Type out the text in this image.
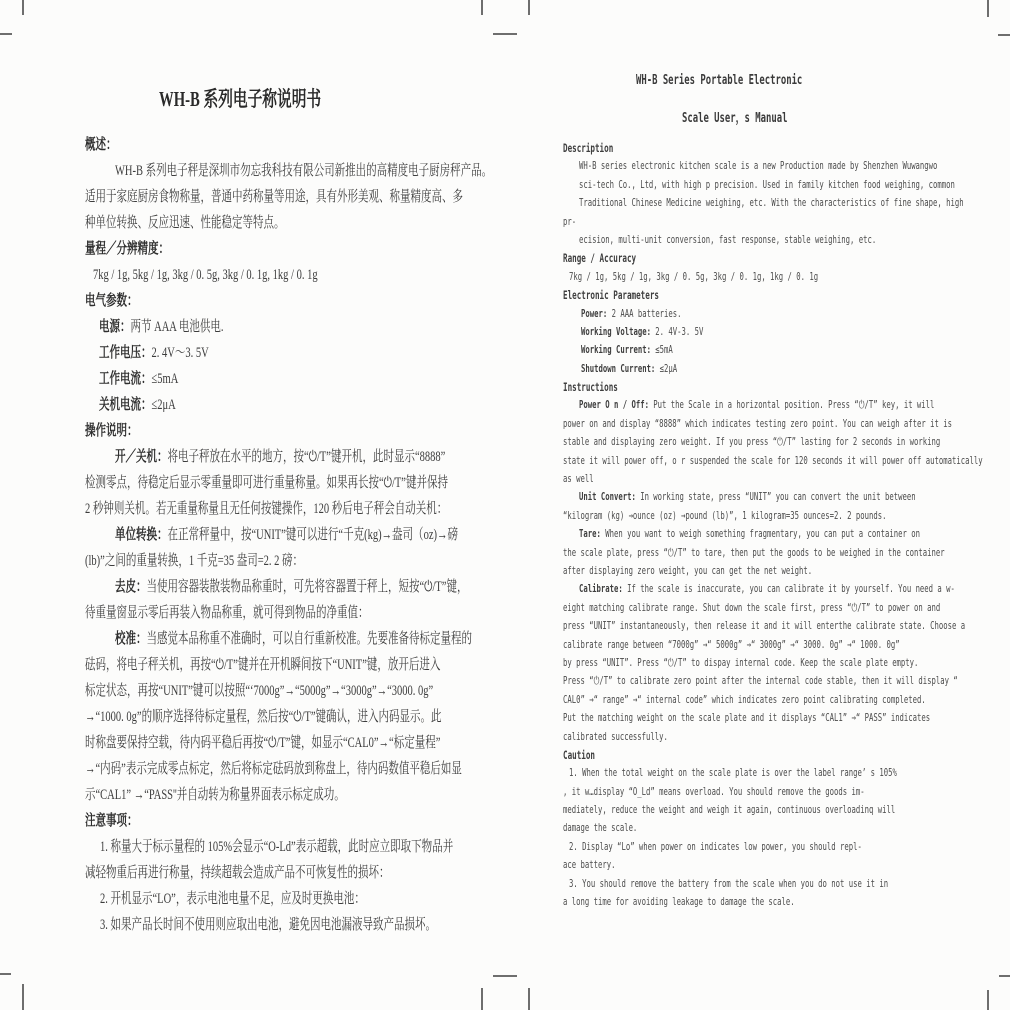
WH-B 系列电子称说明书
概述：
WH-B 系列电子秤是深圳市勿忘我科技有限公司新推出的高精度电子厨房秤产品。
适用于家庭厨房食物称量，普通中药称量等用途，具有外形美观、称量精度高、多
种单位转换、反应迅速、性能稳定等特点。
量程／分辨精度：
7kg / 1g, 5kg / 1g, 3kg / 0. 5g, 3kg / 0. 1g, 1kg / 0. 1g
电气参数：
电源：两节 AAA 电池供电.
工作电压：2. 4V～3. 5V
工作电流：≤5mA
关机电流：≤2μA
操作说明：
开／关机：将电子秤放在水平的地方，按“⏻/T”键开机，此时显示“8888”
检测零点，待稳定后显示零重量即可进行重量称量。如果再长按“⏻/T”键并保持
2 秒钟则关机。若无重量称量且无任何按键操作，120 秒后电子秤会自动关机：
单位转换：在正常秤量中，按“UNIT”键可以进行“千克(kg)→盎司（oz)→磅
(lb)”之间的重量转换，1 千克=35 盎司=2. 2 磅：
去皮：当使用容器装散装物品称重时，可先将容器置于秤上，短按“⏻/T”键，
待重量窗显示零后再装入物品称重，就可得到物品的净重值：
校准：当感觉本品称重不准确时，可以自行重新校准。先要准备待标定量程的
砝码，将电子秤关机，再按“⏻/T”键并在开机瞬间按下“UNIT”键，放开后进入
标定状态，再按“UNIT”键可以按照“‘7000g”→“5000g”→“3000g”→“3000. 0g”
→“1000. 0g”的顺序选择待标定量程，然后按“⏻/T”键确认，进入内码显示。此
时称盘要保持空载，待内码平稳后再按“⏻/T”键，如显示“CAL0”→“标定量程”
→“内码”表示完成零点标定，然后将标定砝码放到称盘上，待内码数值平稳后如显
示“CAL1” →“PASS''并自动转为称量界面表示标定成功。
注意事项：
1. 称量大于标示量程的 105%会显示“O-Ld”表示超载，此时应立即取下物品并
减轻物重后再进行称量，持续超载会造成产品不可恢复性的损坏：
2. 开机显示“LO”，表示电池电量不足，应及时更换电池：
3. 如果产品长时间不使用则应取出电池，避免因电池漏液导致产品损坏。
WH-B Series Portable Electronic
Scale User，s Manual
Description
WH-B series electronic kitchen scale is a new Production made by Shenzhen Wuwangwo
sci-tech Co., Ltd, with high p precision. Used in family kitchen food weighing, common
Traditional Chinese Medicine weighing, etc. With the characteristics of fine shape, high
pr-
ecision, multi-unit conversion, fast response, stable weighing, etc.
Range / Accuracy
7kg / 1g, 5kg / 1g, 3kg / 0. 5g, 3kg / 0. 1g, 1kg / 0. 1g
Electronic Parameters
Power: 2 AAA batteries.
Working Voltage: 2. 4V-3. 5V
Working Current: ≤5mA
Shutdown Current: ≤2μA
Instructions
Power O n / Off: Put the Scale in a horizontal position. Press “⏻/T” key, it will
power on and display “8888” which indicates testing zero point. You can weigh after it is
stable and displaying zero weight. If you press “⏻/T” lasting for 2 seconds in working
state it will power off, o r suspended the scale for 120 seconds it will power off automatically
as well
Unit Convert: In working state, press “UNIT” you can convert the unit between
“kilogram (kg) →ounce (oz) →pound (lb)”, 1 kilogram=35 ounces=2. 2 pounds.
Tare: When you want to weigh something fragmentary, you can put a container on
the scale plate, press “⏻/T” to tare, then put the goods to be weighed in the container
after displaying zero weight, you can get the net weight.
Calibrate: If the scale is inaccurate, you can calibrate it by yourself. You need a w-
eight matching calibrate range. Shut down the scale first, press “⏻/T” to power on and
press “UNIT” instantaneously, then release it and it will enterthe calibrate state. Choose a
calibrate range between “7000g” →“ 5000g” →“ 3000g” →“ 3000. 0g” →“ 1000. 0g”
by press “UNIT”. Press “⏻/T” to dispay internal code. Keep the scale plate empty.
Press “⏻/T” to calibrate zero point after the internal code stable, then it will display “
CAL0” →“ range” →“ internal code” which indicates zero point calibrating completed.
Put the matching weight on the scale plate and it displays “CAL1” →“ PASS” indicates
calibrated successfully.
Caution
1. When the total weight on the scale plate is over the label range’ s 105%
, it w…display “O_Ld” means overload. You should remove the goods im-
mediately, reduce the weight and weigh it again, continuous overloadinq will
damage the scale.
2. Display “Lo” when power on indicates low power, you should repl-
ace battery.
3. You should remove the battery from the scale when you do not use it in
a long time for avoiding leakage to damage the scale.
